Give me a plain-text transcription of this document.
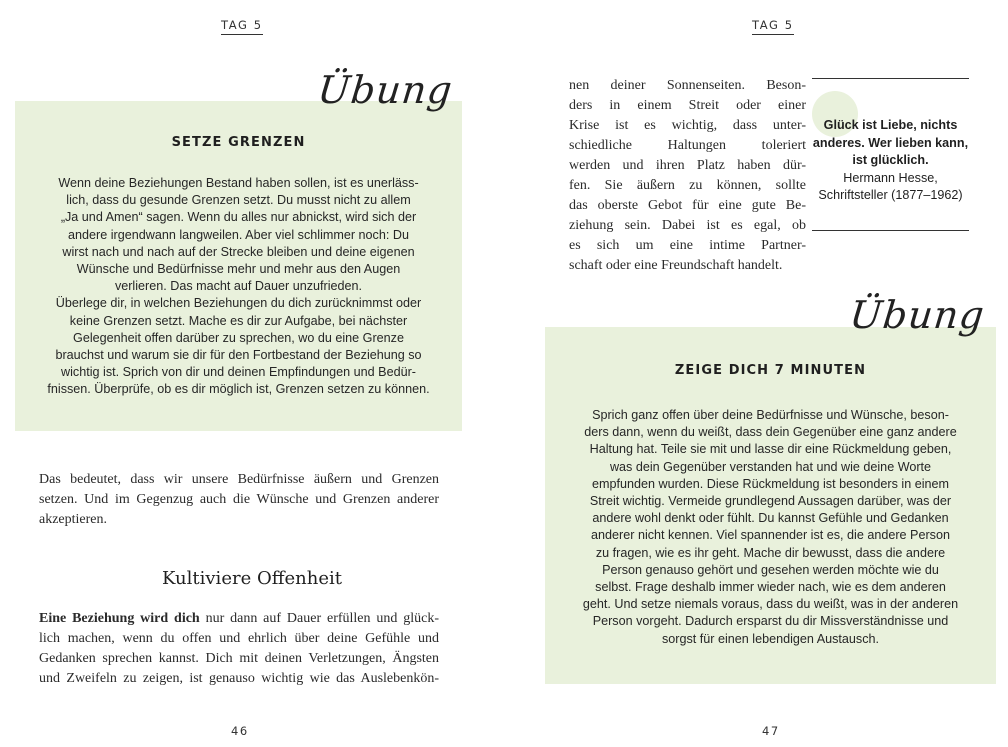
TAG 5
SETZE GRENZEN
Wenn deine Beziehungen Bestand haben sollen, ist es unerläss-
lich, dass du gesunde Grenzen setzt. Du musst nicht zu allem
„Ja und Amen“ sagen. Wenn du alles nur abnickst, wird sich der
andere irgendwann langweilen. Aber viel schlimmer noch: Du
wirst nach und nach auf der Strecke bleiben und deine eigenen
Wünsche und Bedürfnisse mehr und mehr aus den Augen
verlieren. Das macht auf Dauer unzufrieden.
Überlege dir, in welchen Beziehungen du dich zurücknimmst oder
keine Grenzen setzt. Mache es dir zur Aufgabe, bei nächster
Gelegenheit offen darüber zu sprechen, wo du eine Grenze
brauchst und warum sie dir für den Fortbestand der Beziehung so
wichtig ist. Sprich von dir und deinen Empfindungen und Bedür-
fnissen. Überprüfe, ob es dir möglich ist, Grenzen setzen zu können.
Übung
Das bedeutet, dass wir unsere Bedürfnisse äußern und Grenzen
setzen. Und im Gegenzug auch die Wünsche und Grenzen anderer
akzeptieren.
Kultiviere Offenheit
Eine Beziehung wird dich nur dann auf Dauer erfüllen und glück-
lich machen, wenn du offen und ehrlich über deine Gefühle und
Gedanken sprechen kannst. Dich mit deinen Verletzungen, Ängsten
und Zweifeln zu zeigen, ist genauso wichtig wie das Auslebenkön-
46
TAG 5
nen deiner Sonnenseiten. Beson-
ders in einem Streit oder einer
Krise ist es wichtig, dass unter-
schiedliche Haltungen toleriert
werden und ihren Platz haben dür-
fen. Sie äußern zu können, sollte
das oberste Gebot für eine gute Be-
ziehung sein. Dabei ist es egal, ob
es sich um eine intime Partner-
schaft oder eine Freundschaft handelt.
Glück ist Liebe, nichts
anderes. Wer lieben kann,
ist glücklich.
Hermann Hesse,
Schriftsteller (1877–1962)
ZEIGE DICH 7 MINUTEN
Sprich ganz offen über deine Bedürfnisse und Wünsche, beson-
ders dann, wenn du weißt, dass dein Gegenüber eine ganz andere
Haltung hat. Teile sie mit und lasse dir eine Rückmeldung geben,
was dein Gegenüber verstanden hat und wie deine Worte
empfunden wurden. Diese Rückmeldung ist besonders in einem
Streit wichtig. Vermeide grundlegend Aussagen darüber, was der
andere wohl denkt oder fühlt. Du kannst Gefühle und Gedanken
anderer nicht kennen. Viel spannender ist es, die andere Person
zu fragen, wie es ihr geht. Mache dir bewusst, dass die andere
Person genauso gehört und gesehen werden möchte wie du
selbst. Frage deshalb immer wieder nach, wie es dem anderen
geht. Und setze niemals voraus, dass du weißt, was in der anderen
Person vorgeht. Dadurch ersparst du dir Missverständnisse und
sorgst für einen lebendigen Austausch.
Übung
47
